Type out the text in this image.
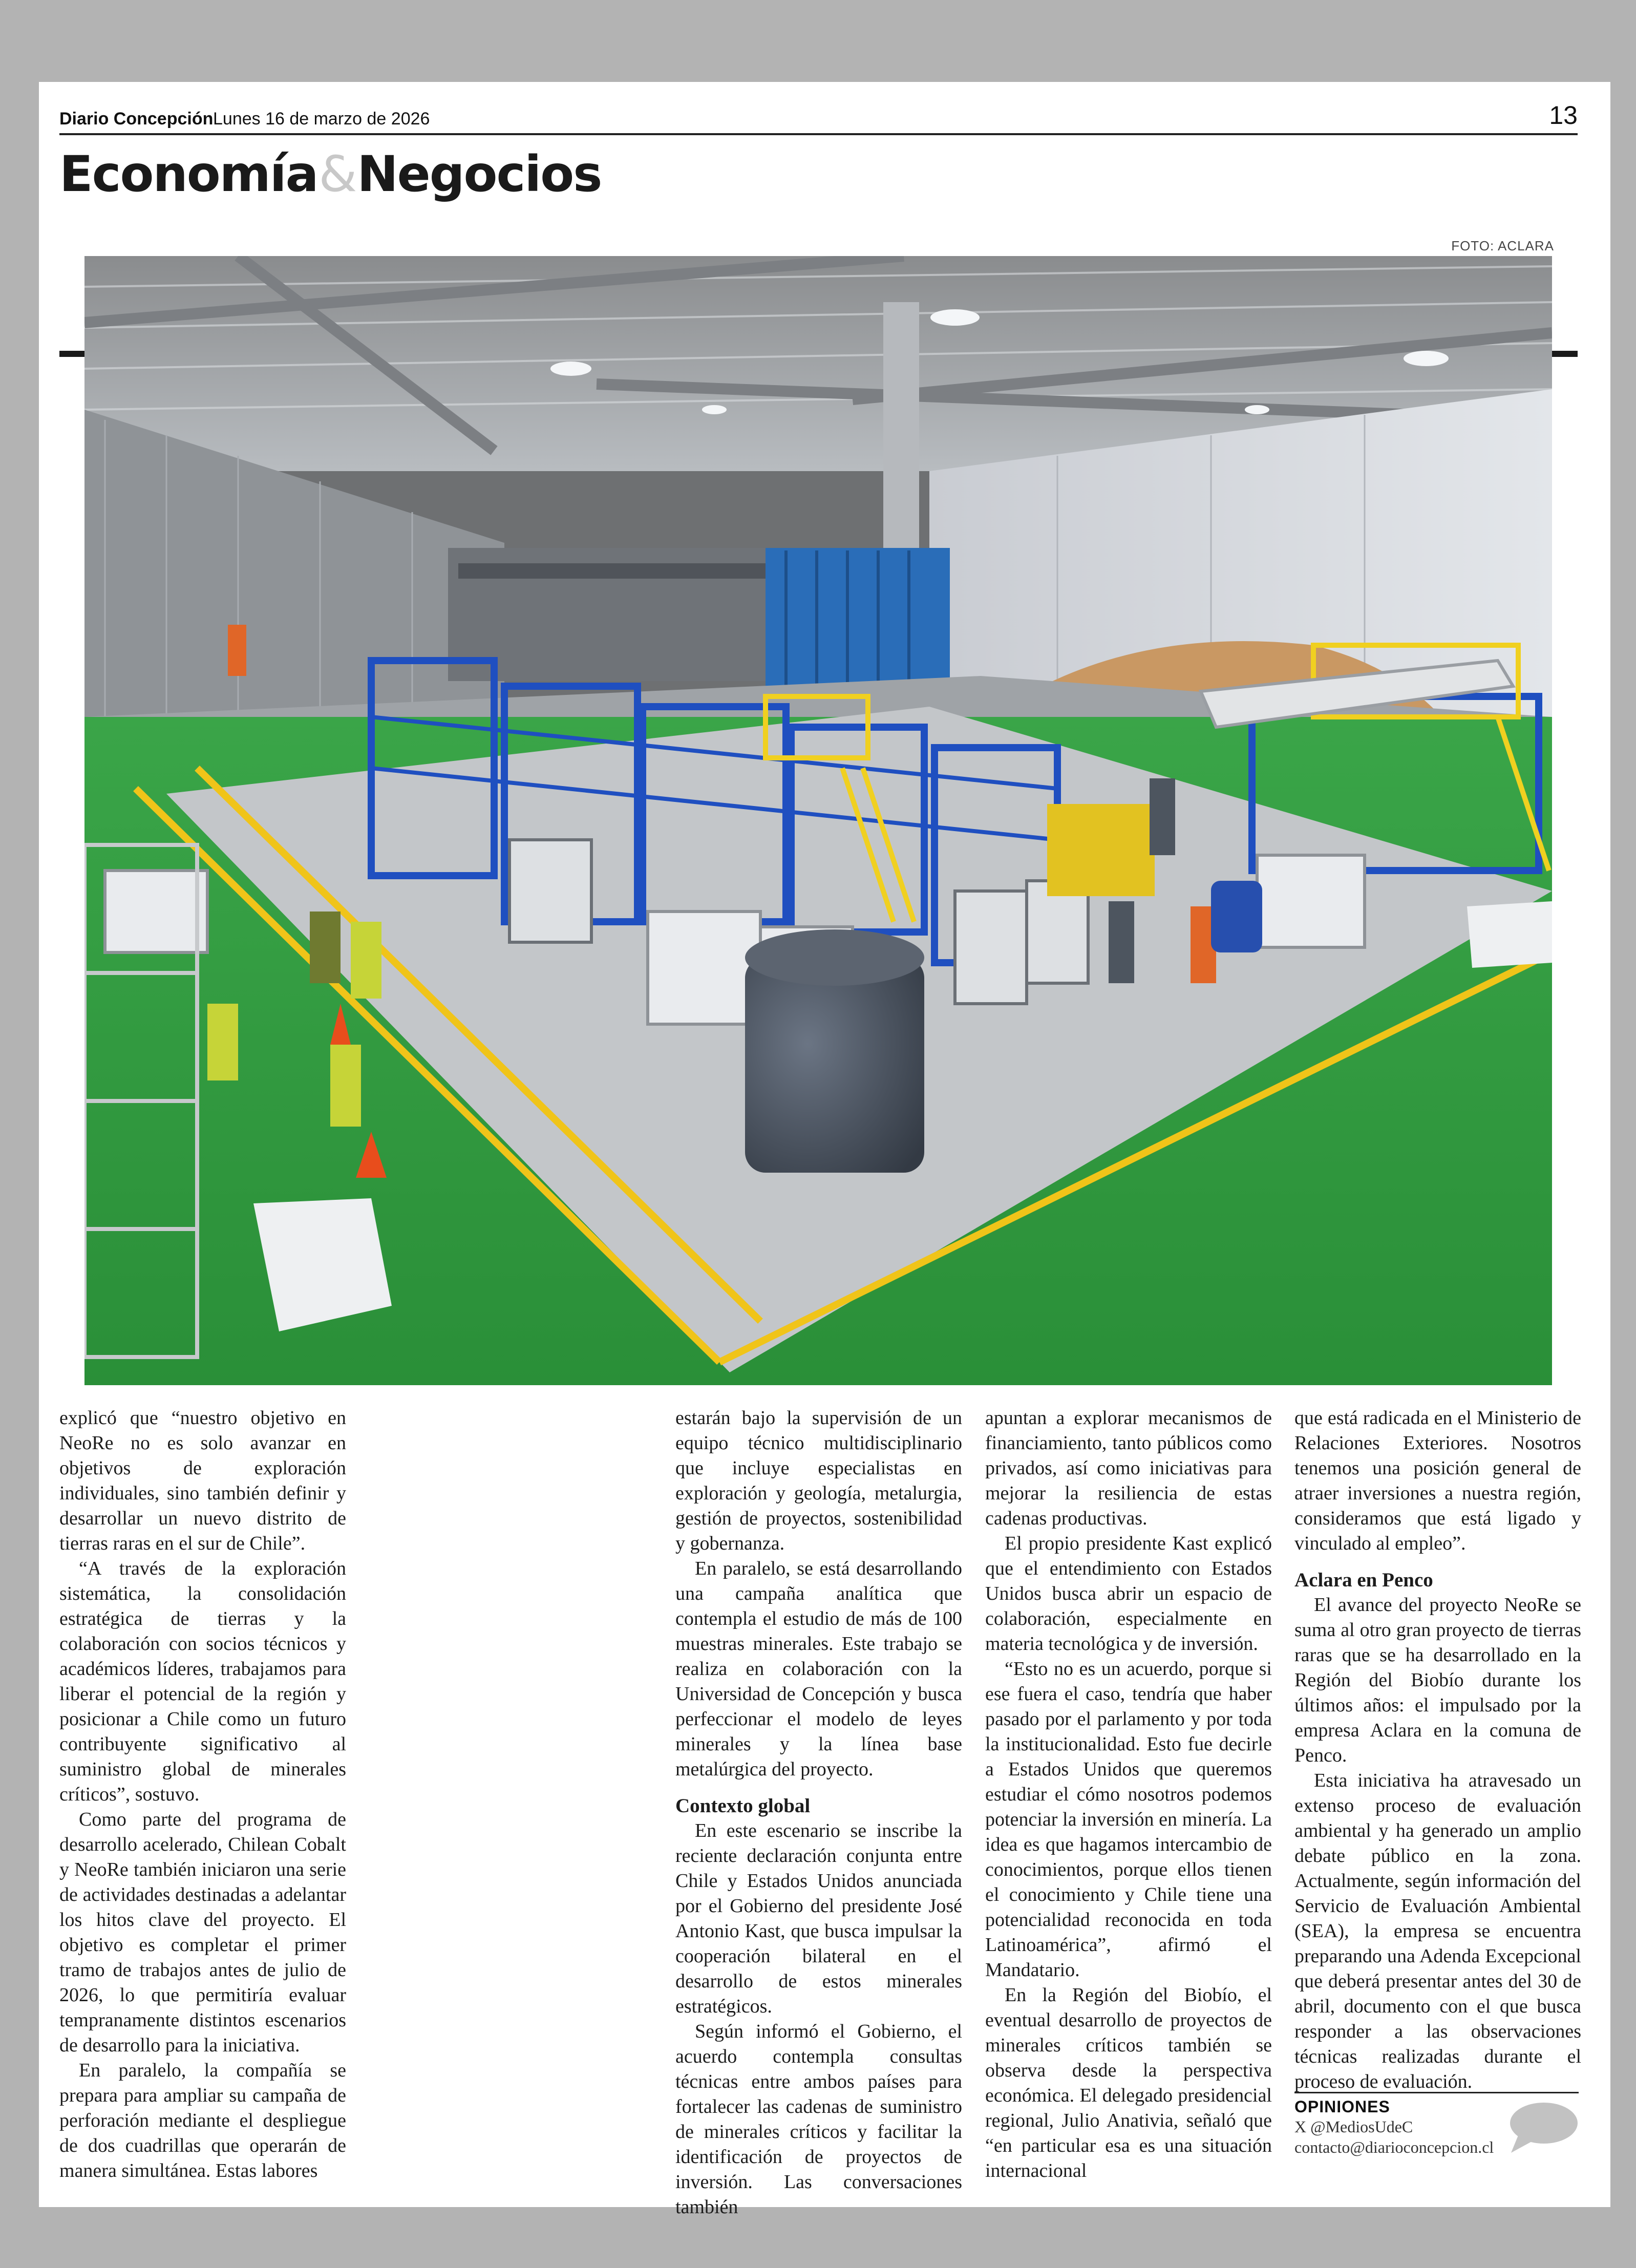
Diario Concepción Lunes 16 de marzo de 2026	13
Economía&Negocios
FOTO: ACLARA

explicó que “nuestro objetivo en NeoRe no es solo avanzar en objetivos de exploración individuales, sino también definir y desarrollar un nuevo distrito de tierras raras en el sur de Chile”.

“A través de la exploración sistemática, la consolidación estratégica de tierras y la colaboración con socios técnicos y académicos líderes, trabajamos para liberar el potencial de la región y posicionar a Chile como un futuro contribuyente significativo al suministro global de minerales críticos”, sostuvo.

Como parte del programa de desarrollo acelerado, Chilean Cobalt y NeoRe también iniciaron una serie de actividades destinadas a adelantar los hitos clave del proyecto. El objetivo es completar el primer tramo de trabajos antes de julio de 2026, lo que permitiría evaluar tempranamente distintos escenarios de desarrollo para la iniciativa.

En paralelo, la compañía se prepara para ampliar su campaña de perforación mediante el despliegue de dos cuadrillas que operarán de manera simultánea. Estas labores

estarán bajo la supervisión de un equipo técnico multidisciplinario que incluye especialistas en exploración y geología, metalurgia, gestión de proyectos, sostenibilidad y gobernanza.

En paralelo, se está desarrollando una campaña analítica que contempla el estudio de más de 100 muestras minerales. Este trabajo se realiza en colaboración con la Universidad de Concepción y busca perfeccionar el modelo de leyes minerales y la línea base metalúrgica del proyecto.

Contexto global

En este escenario se inscribe la reciente declaración conjunta entre Chile y Estados Unidos anunciada por el Gobierno del presidente José Antonio Kast, que busca impulsar la cooperación bilateral en el desarrollo de estos minerales estratégicos.

Según informó el Gobierno, el acuerdo contempla consultas técnicas entre ambos países para fortalecer las cadenas de suministro de minerales críticos y facilitar la identificación de proyectos de inversión. Las conversaciones también

apuntan a explorar mecanismos de financiamiento, tanto públicos como privados, así como iniciativas para mejorar la resiliencia de estas cadenas productivas.

El propio presidente Kast explicó que el entendimiento con Estados Unidos busca abrir un espacio de colaboración, especialmente en materia tecnológica y de inversión.

“Esto no es un acuerdo, porque si ese fuera el caso, tendría que haber pasado por el parlamento y por toda la institucionalidad. Esto fue decirle a Estados Unidos que queremos estudiar el cómo nosotros podemos potenciar la inversión en minería. La idea es que hagamos intercambio de conocimientos, porque ellos tienen el conocimiento y Chile tiene una potencialidad reconocida en toda Latinoamérica”, afirmó el Mandatario.

En la Región del Biobío, el eventual desarrollo de proyectos de minerales críticos también se observa desde la perspectiva económica. El delegado presidencial regional, Julio Anativia, señaló que “en particular esa es una situación internacional

que está radicada en el Ministerio de Relaciones Exteriores. Nosotros tenemos una posición general de atraer inversiones a nuestra región, consideramos que está ligado y vinculado al empleo”.

Aclara en Penco

El avance del proyecto NeoRe se suma al otro gran proyecto de tierras raras que se ha desarrollado en la Región del Biobío durante los últimos años: el impulsado por la empresa Aclara en la comuna de Penco.

Esta iniciativa ha atravesado un extenso proceso de evaluación ambiental y ha generado un amplio debate público en la zona. Actualmente, según información del Servicio de Evaluación Ambiental (SEA), la empresa se encuentra preparando una Adenda Excepcional que deberá presentar antes del 30 de abril, documento con el que busca responder a las observaciones técnicas realizadas durante el proceso de evaluación.

OPINIONES
X @MediosUdeC
contacto@diarioconcepcion.cl
